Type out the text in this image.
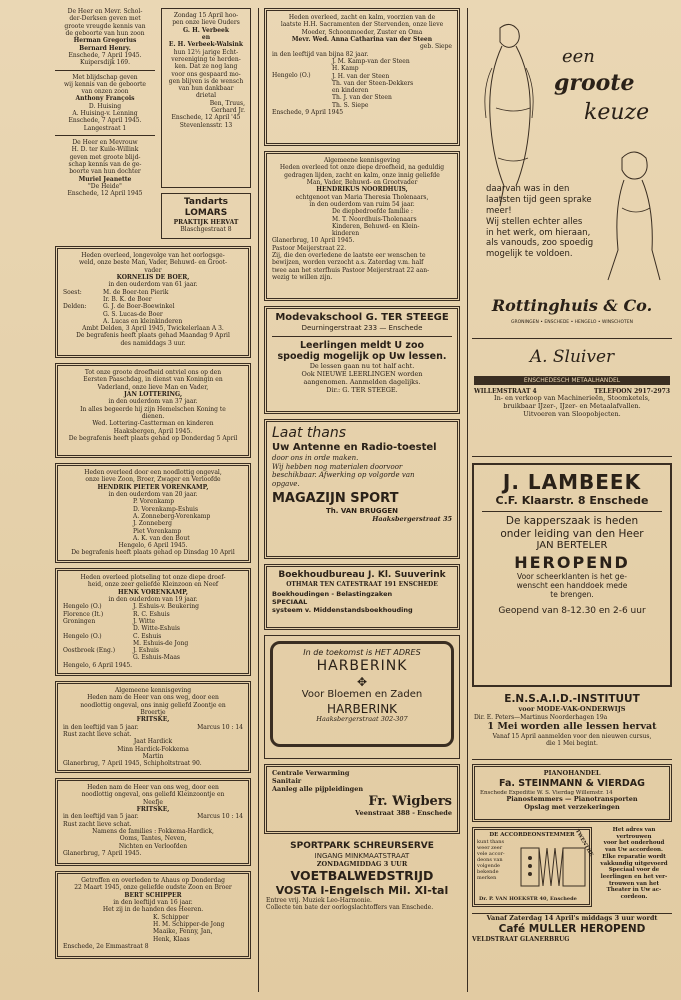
De Heer en Mevr. Schol-
der-Derksen geven met
groote vreugde kennis van
de geboorte van hun zoon

Herman Gregorius
Bernard Henry.

Enschede, 7 April 1945.
Kuipersdijk 169.

Met blijdschap geven
wij kennis van de geboorte
van onzen zoon

Anthony François

D. Huising
A. Huising-v. Lenning
Enschede, 7 April 1945.
Langestraat 1

De Heer en Mevrouw
H. D. ter Kuile-Willink
geven met groote blijd-
schap kennis van de ge-
boorte van hun dochter

Muriel Jeanette

"De Heide"
Enschede, 12 April 1945

Zondag 15 April hoo-
pen onze lieve Ouders

G. H. Verbeek
en
E. H. Verbeek-Walsink

hun 12½ jarige Echt-
vereeniging te herden-
ken. Dat ze nog lang
voor ons gespaard mo-
gen blijven is de wensch
van hun dankbaar
drietal

Ben, Truus,
Gerhard Jr.

Enschede, 12 April '45
Stevenlensstr. 13

Tandarts LOMARS

PRAKTIJK HERVAT

Blaschgestraat 8

Heden overleed, longevolge van het oorlogsge-
weld, onze beste Man, Vader, Behuwd- en Groot-
vader

KORNELIS DE BOER,

in den ouderdom van 61 jaar.

Soest:

Delden:

M. de Boer-ten Pierik
Ir. B. K. de Boer
G. J. de Boer-Boewinkel
G. S. Lucas-de Boer
A. Lucas en kleinkinderen

Ambt Delden, 3 April 1945, Twickelerlaan A 3.
De begrafenis heeft plaats gehad Maandag 9 April
des namiddags 3 uur.

Tot onze groote droefheid ontviel ons op den
Eersten Paaschdag, in dienst van Koningin en
Vaderland, onze lieve Man en Vader,

JAN LOTTERING,

in den ouderdom van 37 jaar.
In alles begeerde hij zijn Hemelschen Koning te
dienen.

Wed. Lottering-Castterman en kinderen

Haaksbergen, April 1945.
De begrafenis heeft plaats gehad op Donderdag 5 April

Heden overleed door een noodlottig ongeval,
onze lieve Zoon, Broer, Zwager en Verloofde

HENDRIK PIETER VORENKAMP,

in den ouderdom van 20 jaar.

P. Vorenkamp
D. Vorenkamp-Eshuis
A. Zonneberg-Vorenkamp
J. Zonneberg
Piet Vorenkamp
A. K. van den Bout

Hengelo, 6 April 1945.
De begrafenis heeft plaats gehad op Dinsdag 10 April

Heden overleed plotseling tot onze diepe droef-
heid, onze zeer geliefde Kleinzoon en Neef

HENK VORENKAMP,

in den ouderdom van 19 jaar.

Hengelo (O.)
Florence (It.)
Groningen

Hengelo (O.)

Oostbroek (Eng.)

J. Eshuis-v. Beukering
R. C. Eshuis
J. Witte
D. Witte-Eshuis
C. Eshuis
M. Eshuis-de Jong
J. Eshuis
G. Eshuis-Maas

Hengelo, 6 April 1945.

Algemeene kennisgeving
Heden nam de Heer van ons weg, door een
noodlottig ongeval, ons innig geliefd Zoontje en
Broertje

FRITSKE,

in den leeftijd van 5 jaar.
Rust zacht lieve schat.

Marcus 10 : 14

Jaat Hardick
Minn Hardick-Fokkema
Martin

Glanerbrug, 7 April 1945, Schipholtstraat 90.

Heden nam de Heer van ons weg, door een
noodlottig ongeval, ons geliefd Kleinzoontje en
Neefje

FRITSKE,

in den leeftijd van 5 jaar.
Rust zacht lieve schat.

Marcus 10 : 14

Namens de families : Fokkema-Hardick,
Ooms, Tantes, Neven,
Nichten en Verloofden

Glanerbrug, 7 April 1945.

Getroffen en overleden te Ahaus op Donderdag
22 Maart 1945, onze geliefde oudste Zoon en Broer

BERT SCHIPPER

in den leeftijd van 16 jaar.
Het zij in de handen des Heeren.

K. Schipper
H. M. Schipper-de Jong
Maaike, Fenny, Jan,
Henk, Klaas

Enschede, 2e Emmastraat 8

Heden overleed, zacht en kalm, voorzien van de
laatste H.H. Sacramenten der Stervenden, onze lieve
Moeder, Schoonmoeder, Zuster en Oma

Mevr. Wed. Anna Catharina van der Steen

geb. Siepe

in den leeftijd van bijna 82 jaar.

Hengelo (O.)

J. M. Kamp-van der Steen
H. Kamp
J. H. van der Steen
Th. van der Steen-Dekkers
en kinderen
Th. J. van der Steen
Th. S. Siepe

Enschede, 9 April 1945

Algemeene kennisgeving
Heden overleed tot onze diepe droefheid, na geduldig
gedragen lijden, zacht en kalm, onze innig geliefde
Man, Vader, Behuwd- en Grootvader

HENDRIKUS NOORDHUIS,

echtgenoot van Maria Theresia Tholenaars,
in den ouderdom van ruim 54 jaar.

De diepbedroefde familie :
M. T. Noordhuis-Tholenaars
Kinderen, Behuwd- en Klein-
kinderen

Glanerbrug, 10 April 1945.
Pastoor Meijerstraat 22.

Zij, die den overledene de laatste eer wenschen te
bewijzen, worden verzocht a.s. Zaterdag v.m. half
twee aan het sterfhuis Pastoor Meijerstraat 22 aan-
wezig te willen zijn.

Modevakschool G. TER STEEGE

Deurningerstraat 233 — Enschede

Leerlingen meldt U zoo
spoedig mogelijk op Uw lessen.

De lessen gaan nu tot half acht.
Ook NIEUWE LEERLINGEN worden
aangenomen. Aanmelden dagelijks.
Dir.: G. TER STEEGE.

Laat thans

Uw Antenne en Radio-toestel

door ons in orde maken.
Wij hebben nog materialen doorvoor
beschikbaar. Afwerking op volgorde van
opgave.

MAGAZIJN SPORT

Th. VAN BRUGGEN

Haaksbergerstraat 35

Boekhoudbureau J. Kl. Suuverink

OTHMAR TEN CATESTRAAT 191 ENSCHEDE

Boekhoudingen - Belastingzaken
SPECIAAL
systeem v. Middenstandsboekhouding

In de toekomst is HET ADRES

HARBERINK

✥

Voor Bloemen en Zaden

HARBERINK

Haaksbergerstraat 302-307

Centrale Verwarming
Sanitair
Aanleg alle pijpleidingen

Fr. Wigbers

Veenstraat 388 - Enschede

SPORTPARK SCHREURSERVE

INGANG MINKMAATSTRAAT

ZONDAGMIDDAG 3 UUR

VOETBALWEDSTRIJD

VOSTA I-Engelsch Mil. XI-tal

Entree vrij. Muziek Leo-Harmonie.

Collecte ten bate der oorlogslachtoffers van Enschede.

een

groote

keuze

daarvan was in den
laatsten tijd geen sprake
meer!
Wij stellen echter alles
in het werk, om hieraan,
als vanouds, zoo spoedig
mogelijk te voldoen.

Rottinghuis & Co.

GRONINGEN • ENSCHEDE • HENGELO • WINSCHOTEN

A. Sluiver

ENSCHEDESCH METAALHANDEL

WILLEMSTRAAT 4	TELEFOON 2917-2973

In- en verkoop van Machinerieën, Stoomketels,
bruikbaar IJzer-, IJzer- en Metaalafvallen.
Uitvoeren van Sloopobjecten.

J. LAMBEEK

C.F. Klaarstr. 8 Enschede

De kapperszaak is heden
onder leiding van den Heer

JAN BERTELER

HEROPEND

Voor scheerklanten is het ge-
wenscht een handdoek mede
te brengen.

Geopend van 8-12.30 en 2-6 uur

E.N.S.A.I.D.-INSTITUUT

voor MODE-VAK-ONDERWIJS

Dir. E. Peters—Martinus Noorderhagen 19a

1 Mei worden alle lessen hervat

Vanaf 15 April aanmelden voor den nieuwen cursus,
die 1 Mei begint.

PIANOHANDEL

Fa. STEINMANN & VIERDAG

Enschede Expeditie W. S. Vierdag Willemstr. 14

Pianostemmers — Pianotransporten
Opslag met verzekeringen

DE ACCORDEONSTEMMER

kunt thans
weer zeer
vele accor-
deons van
volgende
bekende
merken

TWENTHE

Dr. P. VAN HOEKSTR 40, Enschede

Het adres van
vertrouwen
voor het onderhoud
van Uw accordeon.
Elke reparatie wordt
vakkundig uitgevoerd
Speciaal voor de
leerlingen en het ver-
trouwen van het
Theater in Uw ac-
cordeon.

Vanaf Zaterdag 14 April's middags 3 uur wordt

Café MULLER HEROPEND

VELDSTRAAT GLANERBRUG
